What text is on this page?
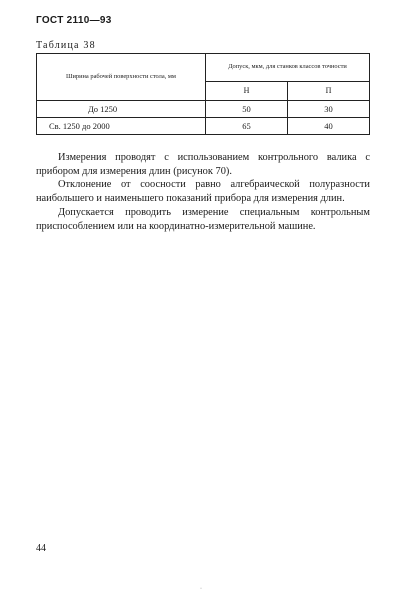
ГОСТ 2110—93
Таблица 38
Ширина рабочей поверхности стола, мм	Допуск, мкм, для станков классов точности	
	Н	П
До 1250	50	30
Св. 1250 до 2000	65	40

Измерения проводят с использованием контрольного валика с прибором для измерения длин (рисунок 70).

Отклонение от соосности равно алгебраической полуразности наибольшего и наименьшего показаний прибора для измерения длин.

Допускается проводить измерение специальным контрольным приспособлением или на координатно-измерительной машине.

44
·
